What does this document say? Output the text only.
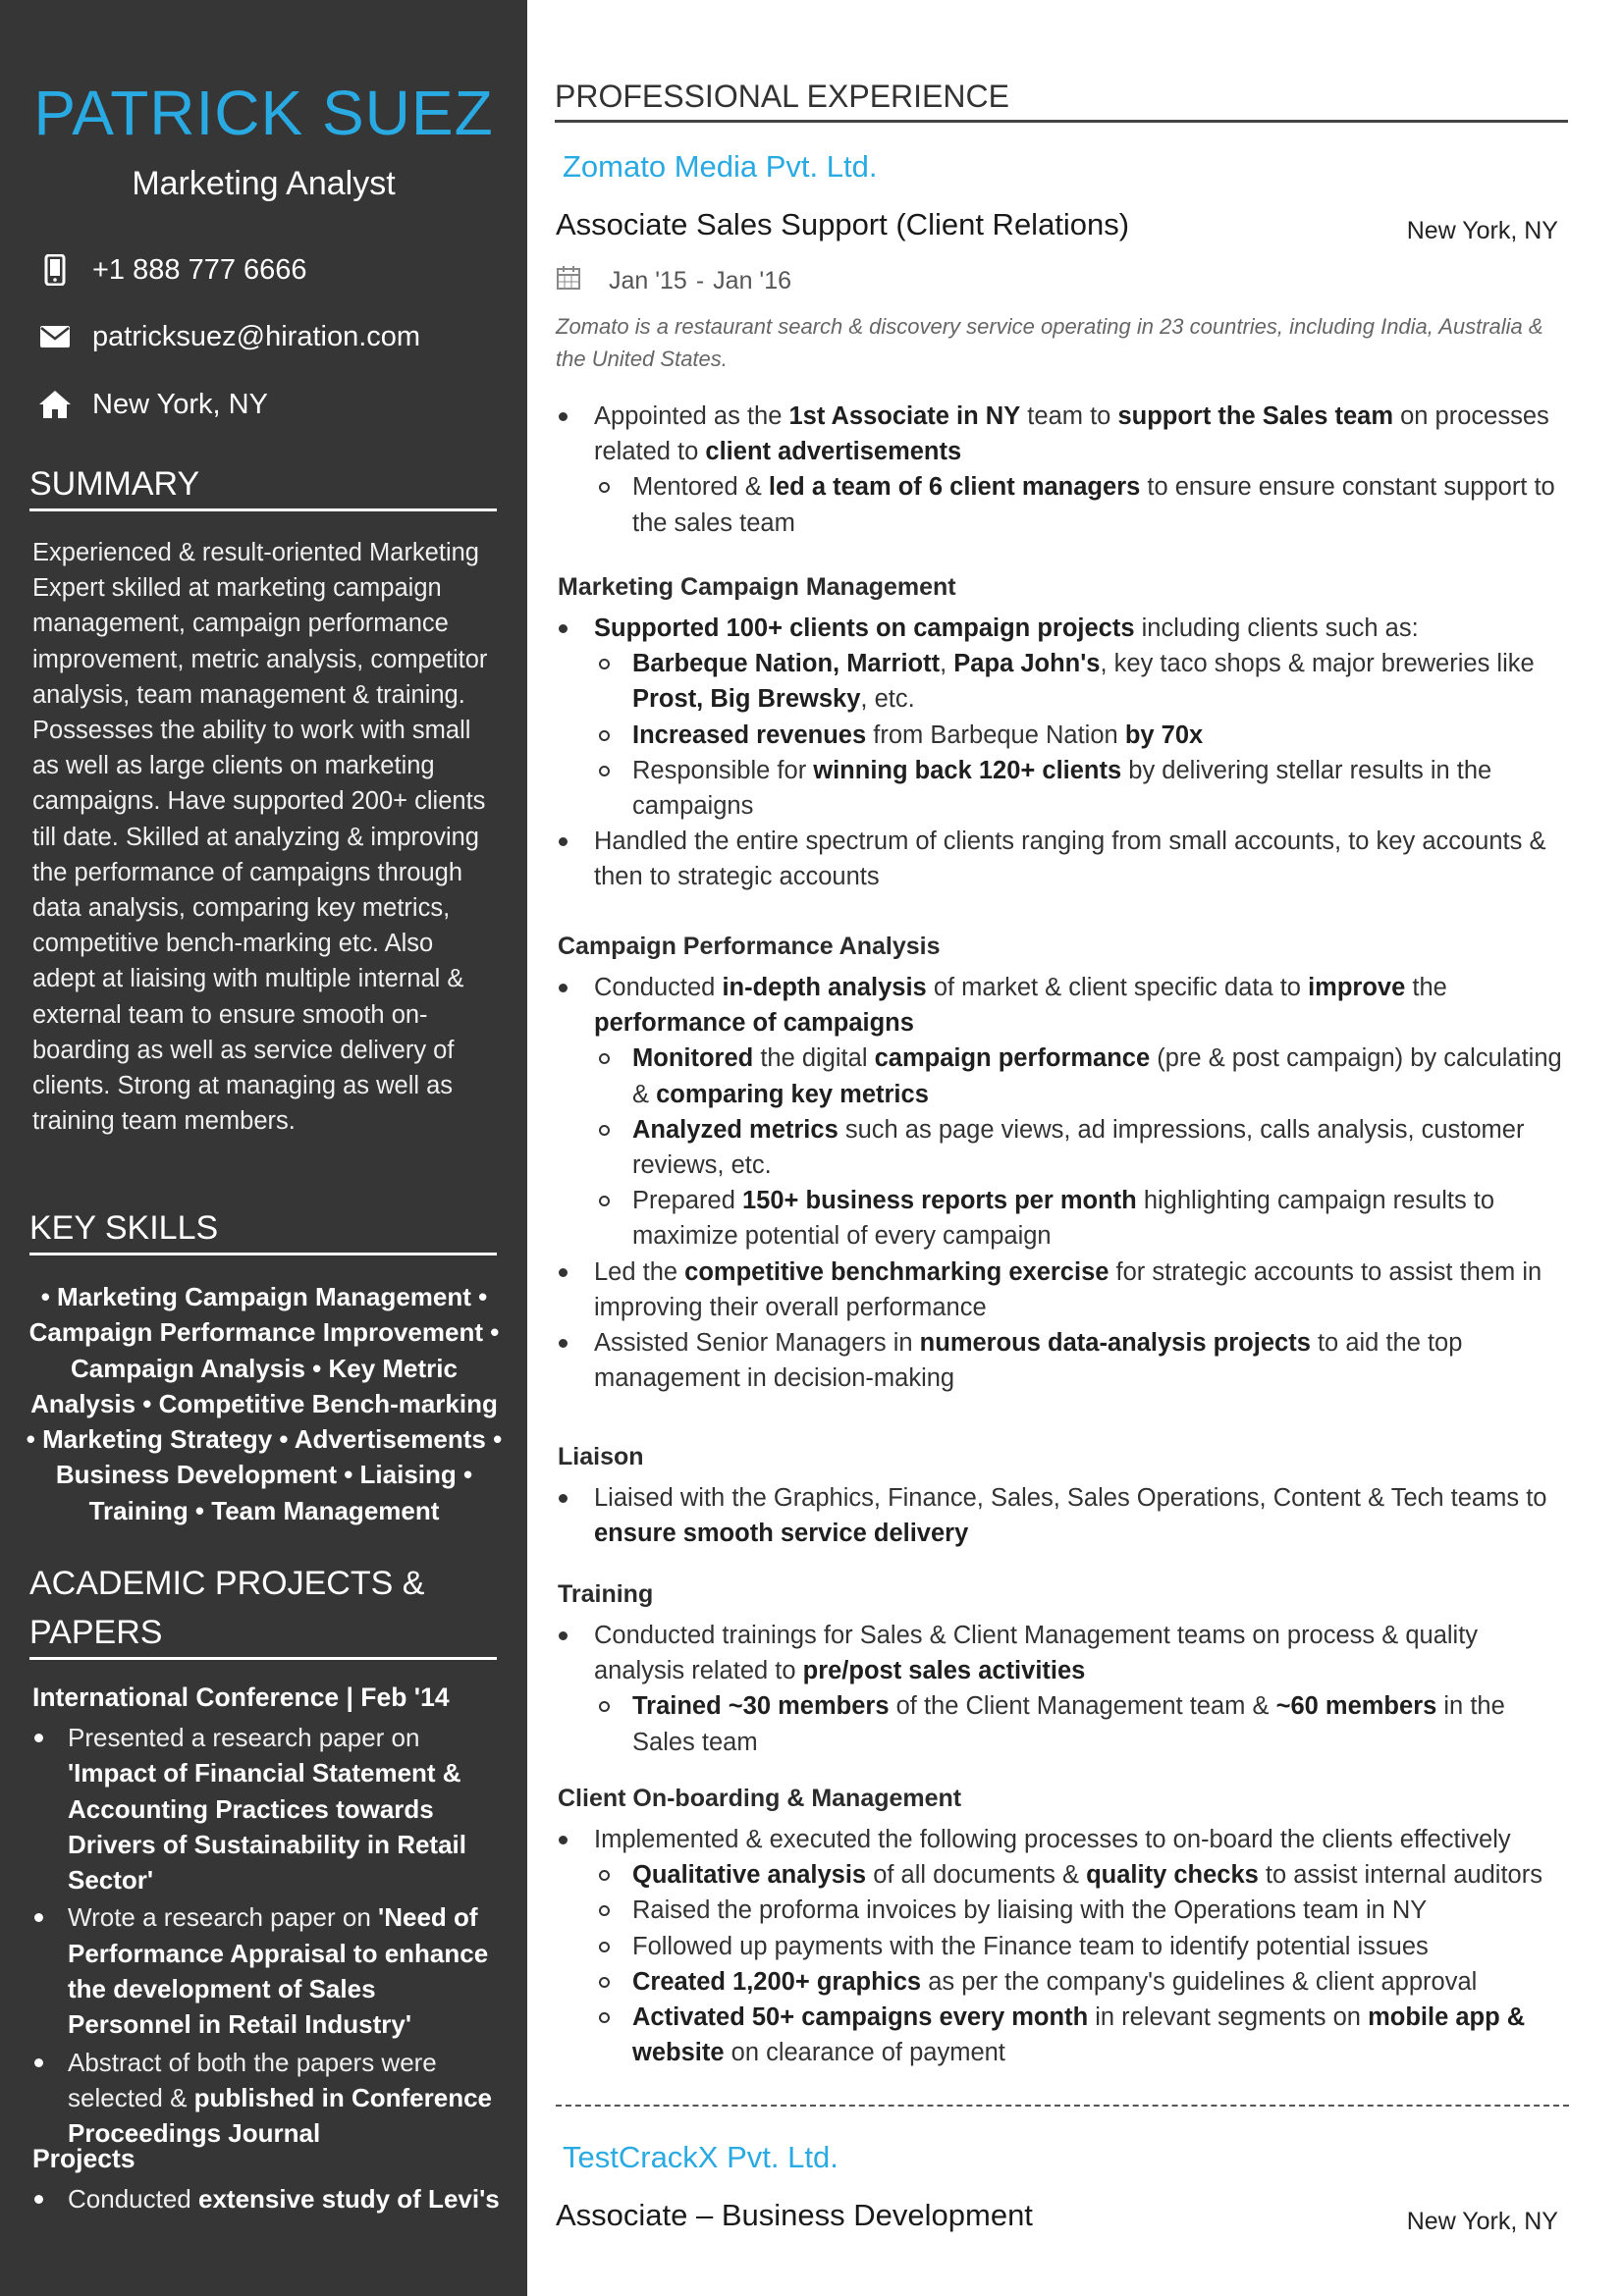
PATRICK SUEZ
Marketing Analyst
+1 888 777 6666
patricksuez@hiration.com
New York, NY
SUMMARY
Experienced & result-oriented Marketing Expert skilled at marketing campaign management, campaign performance improvement, metric analysis, competitor analysis, team management & training. Possesses the ability to work with small as well as large clients on marketing campaigns. Have supported 200+ clients till date. Skilled at analyzing & improving the performance of campaigns through data analysis, comparing key metrics, competitive bench-marking etc. Also adept at liaising with multiple internal & external team to ensure smooth on-boarding as well as service delivery of clients. Strong at managing as well as training team members.
KEY SKILLS
• Marketing Campaign Management • Campaign Performance Improvement • Campaign Analysis • Key Metric Analysis • Competitive Bench-marking • Marketing Strategy • Advertisements • Business Development • Liaising • Training • Team Management
ACADEMIC PROJECTS &
PAPERS
International Conference | Feb '14
Presented a research paper on 'Impact of Financial Statement & Accounting Practices towards Drivers of Sustainability in Retail Sector'
Wrote a research paper on 'Need of Performance Appraisal to enhance the development of Sales Personnel in Retail Industry'
Abstract of both the papers were selected & published in Conference Proceedings Journal
Projects
Conducted extensive study of Levi's
PROFESSIONAL EXPERIENCE
Zomato Media Pvt. Ltd.
Associate Sales Support (Client Relations)	New York, NY
Jan '15 - Jan '16
Zomato is a restaurant search & discovery service operating in 23 countries, including India, Australia & the United States.
Appointed as the 1st Associate in NY team to support the Sales team on processes related to client advertisements
Mentored & led a team of 6 client managers to ensure ensure constant support to the sales team
Marketing Campaign Management
Supported 100+ clients on campaign projects including clients such as:
Barbeque Nation, Marriott, Papa John's, key taco shops & major breweries like Prost, Big Brewsky, etc.
Increased revenues from Barbeque Nation by 70x
Responsible for winning back 120+ clients by delivering stellar results in the campaigns
Handled the entire spectrum of clients ranging from small accounts, to key accounts & then to strategic accounts
Campaign Performance Analysis
Conducted in-depth analysis of market & client specific data to improve the performance of campaigns
Monitored the digital campaign performance (pre & post campaign) by calculating & comparing key metrics
Analyzed metrics such as page views, ad impressions, calls analysis, customer reviews, etc.
Prepared 150+ business reports per month highlighting campaign results to maximize potential of every campaign
Led the competitive benchmarking exercise for strategic accounts to assist them in improving their overall performance
Assisted Senior Managers in numerous data-analysis projects to aid the top management in decision-making
Liaison
Liaised with the Graphics, Finance, Sales, Sales Operations, Content & Tech teams to ensure smooth service delivery
Training
Conducted trainings for Sales & Client Management teams on process & quality analysis related to pre/post sales activities
Trained ~30 members of the Client Management team & ~60 members in the Sales team
Client On-boarding & Management
Implemented & executed the following processes to on-board the clients effectively
Qualitative analysis of all documents & quality checks to assist internal auditors
Raised the proforma invoices by liaising with the Operations team in NY
Followed up payments with the Finance team to identify potential issues
Created 1,200+ graphics as per the company's guidelines & client approval
Activated 50+ campaigns every month in relevant segments on mobile app & website on clearance of payment
TestCrackX Pvt. Ltd.
Associate – Business Development	New York, NY
